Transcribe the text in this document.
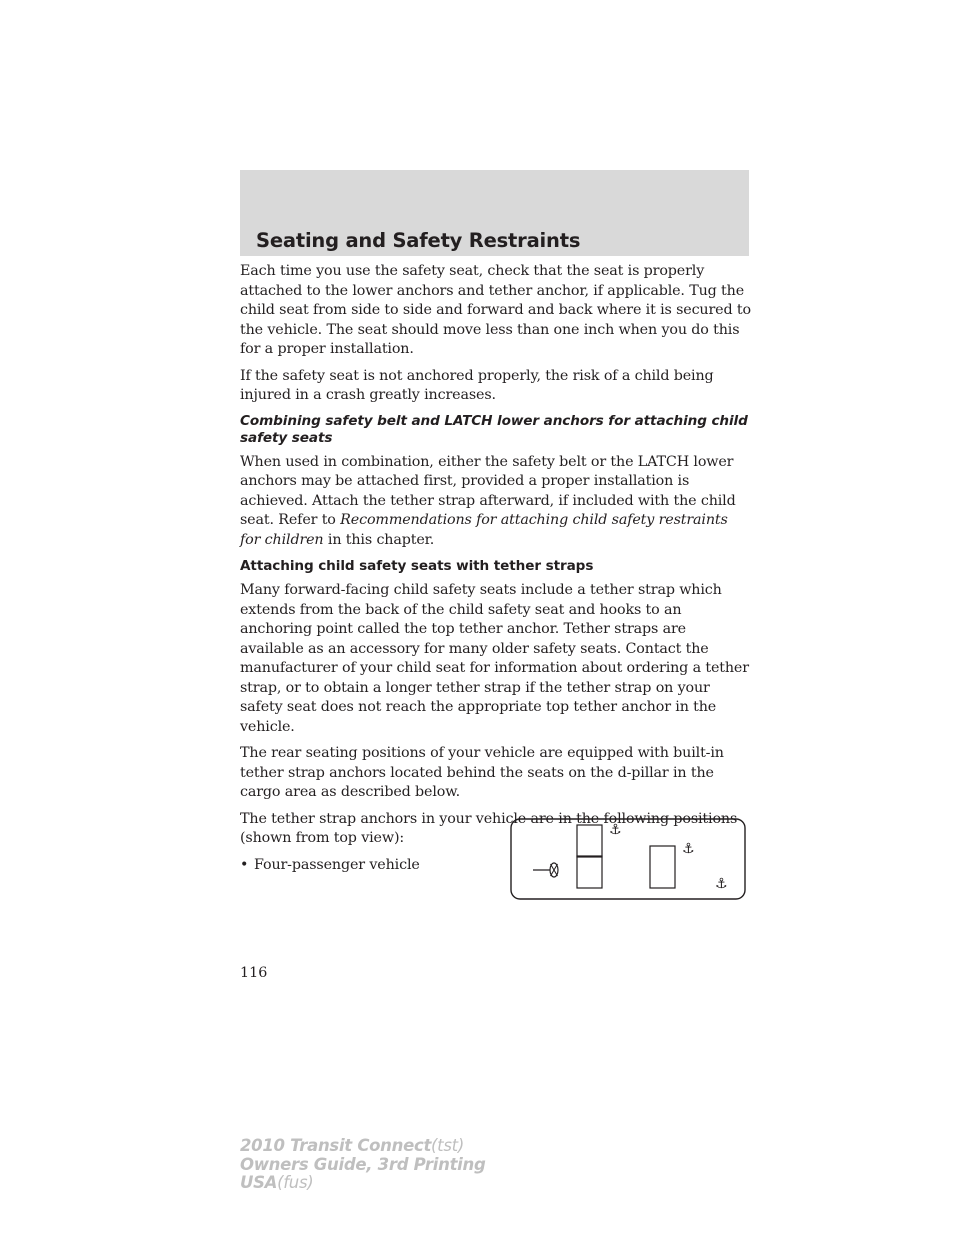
Seating and Safety Restraints

Each time you use the safety seat, check that the seat is properly attached to the lower anchors and tether anchor, if applicable. Tug the child seat from side to side and forward and back where it is secured to the vehicle. The seat should move less than one inch when you do this for a proper installation.

If the safety seat is not anchored properly, the risk of a child being injured in a crash greatly increases.

Combining safety belt and LATCH lower anchors for attaching child safety seats

When used in combination, either the safety belt or the LATCH lower anchors may be attached first, provided a proper installation is achieved. Attach the tether strap afterward, if included with the child seat. Refer to Recommendations for attaching child safety restraints for children in this chapter.

Attaching child safety seats with tether straps

Many forward-facing child safety seats include a tether strap which extends from the back of the child safety seat and hooks to an anchoring point called the top tether anchor. Tether straps are available as an accessory for many older safety seats. Contact the manufacturer of your child seat for information about ordering a tether strap, or to obtain a longer tether strap if the tether strap on your safety seat does not reach the appropriate top tether anchor in the vehicle.

The rear seating positions of your vehicle are equipped with built-in tether strap anchors located behind the seats on the d-pillar in the cargo area as described below.

The tether strap anchors in your vehicle are in the following positions (shown from top view):

• Four-passenger vehicle
⚓
⚓
⚓
116
2010 Transit Connect(tst)
Owners Guide, 3rd Printing
USA(fus)
